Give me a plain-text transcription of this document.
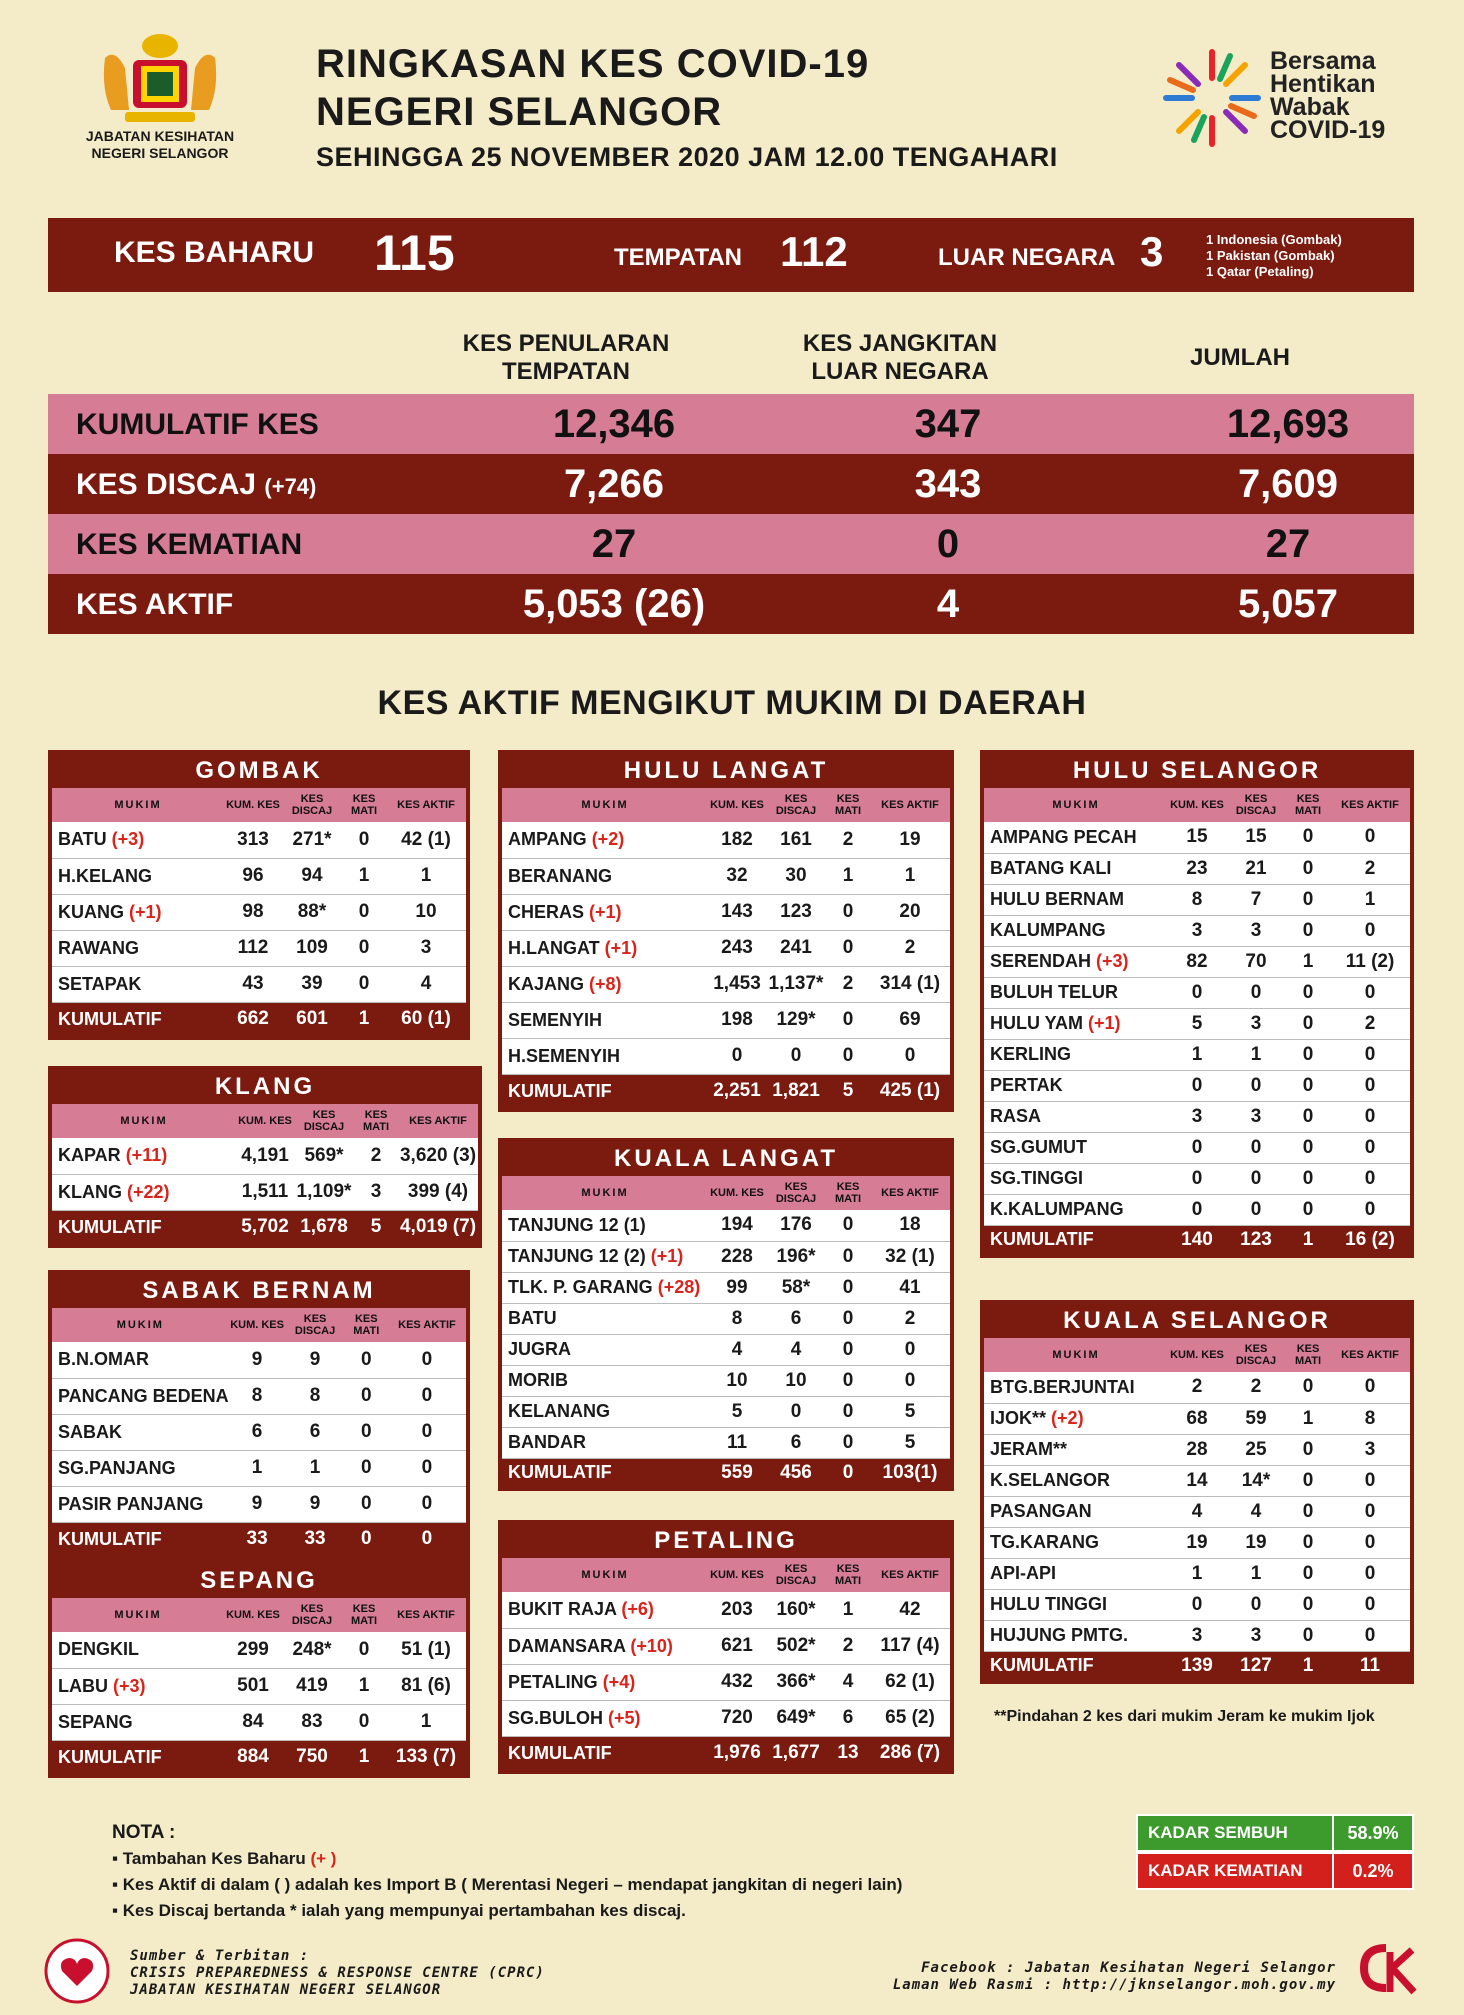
JABATAN KESIHATAN
NEGERI SELANGOR
RINGKASAN KES COVID-19
NEGERI SELANGOR
SEHINGGA 25 NOVEMBER 2020 JAM 12.00 TENGAHARI
Bersama
Hentikan
Wabak
COVID-19
KES BAHARU 115	TEMPATAN 112	LUAR NEGARA 3	1 Indonesia (Gombak)
1 Pakistan (Gombak)
1 Qatar (Petaling)
KES PENULARAN
TEMPATAN
KES JANGKITAN
LUAR NEGARA
JUMLAH
KUMULATIF KES	12,346	347	12,693
KES DISCAJ (+74)	7,266	343	7,609
KES KEMATIAN	27	0	27
KES AKTIF	5,053 (26)	4	5,057
KES AKTIF MENGIKUT MUKIM DI DAERAH
GOMBAK
MUKIM	KUM. KES	KES DISCAJ	KES MATI	KES AKTIF
BATU (+3)	313	271*	0	42 (1)
H.KELANG	96	94	1	1
KUANG (+1)	98	88*	0	10
RAWANG	112	109	0	3
SETAPAK	43	39	0	4
KUMULATIF	662	601	1	60 (1)
KLANG
MUKIM	KUM. KES	KES DISCAJ	KES MATI	KES AKTIF
KAPAR (+11)	4,191	569*	2	3,620 (3)
KLANG (+22)	1,511	1,109*	3	399 (4)
KUMULATIF	5,702	1,678	5	4,019 (7)
SABAK BERNAM
MUKIM	KUM. KES	KES DISCAJ	KES MATI	KES AKTIF
B.N.OMAR	9	9	0	0
PANCANG BEDENA	8	8	0	0
SABAK	6	6	0	0
SG.PANJANG	1	1	0	0
PASIR PANJANG	9	9	0	0
KUMULATIF	33	33	0	0
SEPANG
MUKIM	KUM. KES	KES DISCAJ	KES MATI	KES AKTIF
DENGKIL	299	248*	0	51 (1)
LABU (+3)	501	419	1	81 (6)
SEPANG	84	83	0	1
KUMULATIF	884	750	1	133 (7)
HULU LANGAT
MUKIM	KUM. KES	KES DISCAJ	KES MATI	KES AKTIF
AMPANG (+2)	182	161	2	19
BERANANG	32	30	1	1
CHERAS (+1)	143	123	0	20
H.LANGAT (+1)	243	241	0	2
KAJANG (+8)	1,453	1,137*	2	314 (1)
SEMENYIH	198	129*	0	69
H.SEMENYIH	0	0	0	0
KUMULATIF	2,251	1,821	5	425 (1)
KUALA LANGAT
MUKIM	KUM. KES	KES DISCAJ	KES MATI	KES AKTIF
TANJUNG 12 (1)	194	176	0	18
TANJUNG 12 (2) (+1)	228	196*	0	32 (1)
TLK. P. GARANG (+28)	99	58*	0	41
BATU	8	6	0	2
JUGRA	4	4	0	0
MORIB	10	10	0	0
KELANANG	5	0	0	5
BANDAR	11	6	0	5
KUMULATIF	559	456	0	103(1)
PETALING
MUKIM	KUM. KES	KES DISCAJ	KES MATI	KES AKTIF
BUKIT RAJA (+6)	203	160*	1	42
DAMANSARA (+10)	621	502*	2	117 (4)
PETALING (+4)	432	366*	4	62 (1)
SG.BULOH (+5)	720	649*	6	65 (2)
KUMULATIF	1,976	1,677	13	286 (7)
HULU SELANGOR
MUKIM	KUM. KES	KES DISCAJ	KES MATI	KES AKTIF
AMPANG PECAH	15	15	0	0
BATANG KALI	23	21	0	2
HULU BERNAM	8	7	0	1
KALUMPANG	3	3	0	0
SERENDAH (+3)	82	70	1	11 (2)
BULUH TELUR	0	0	0	0
HULU YAM (+1)	5	3	0	2
KERLING	1	1	0	0
PERTAK	0	0	0	0
RASA	3	3	0	0
SG.GUMUT	0	0	0	0
SG.TINGGI	0	0	0	0
K.KALUMPANG	0	0	0	0
KUMULATIF	140	123	1	16 (2)
KUALA SELANGOR
MUKIM	KUM. KES	KES DISCAJ	KES MATI	KES AKTIF
BTG.BERJUNTAI	2	2	0	0
IJOK** (+2)	68	59	1	8
JERAM**	28	25	0	3
K.SELANGOR	14	14*	0	0
PASANGAN	4	4	0	0
TG.KARANG	19	19	0	0
API-API	1	1	0	0
HULU TINGGI	0	0	0	0
HUJUNG PMTG.	3	3	0	0
KUMULATIF	139	127	1	11
**Pindahan 2 kes dari mukim Jeram ke mukim Ijok
NOTA :
▪ Tambahan Kes Baharu (+ )
▪ Kes Aktif di dalam ( ) adalah kes Import B ( Merentasi Negeri – mendapat jangkitan di negeri lain)
▪ Kes Discaj bertanda * ialah yang mempunyai pertambahan kes discaj.
KADAR SEMBUH	58.9%
KADAR KEMATIAN	0.2%
Sumber & Terbitan :
CRISIS PREPAREDNESS & RESPONSE CENTRE (CPRC)
JABATAN KESIHATAN NEGERI SELANGOR
Facebook : Jabatan Kesihatan Negeri Selangor
Laman Web Rasmi : http://jknselangor.moh.gov.my
